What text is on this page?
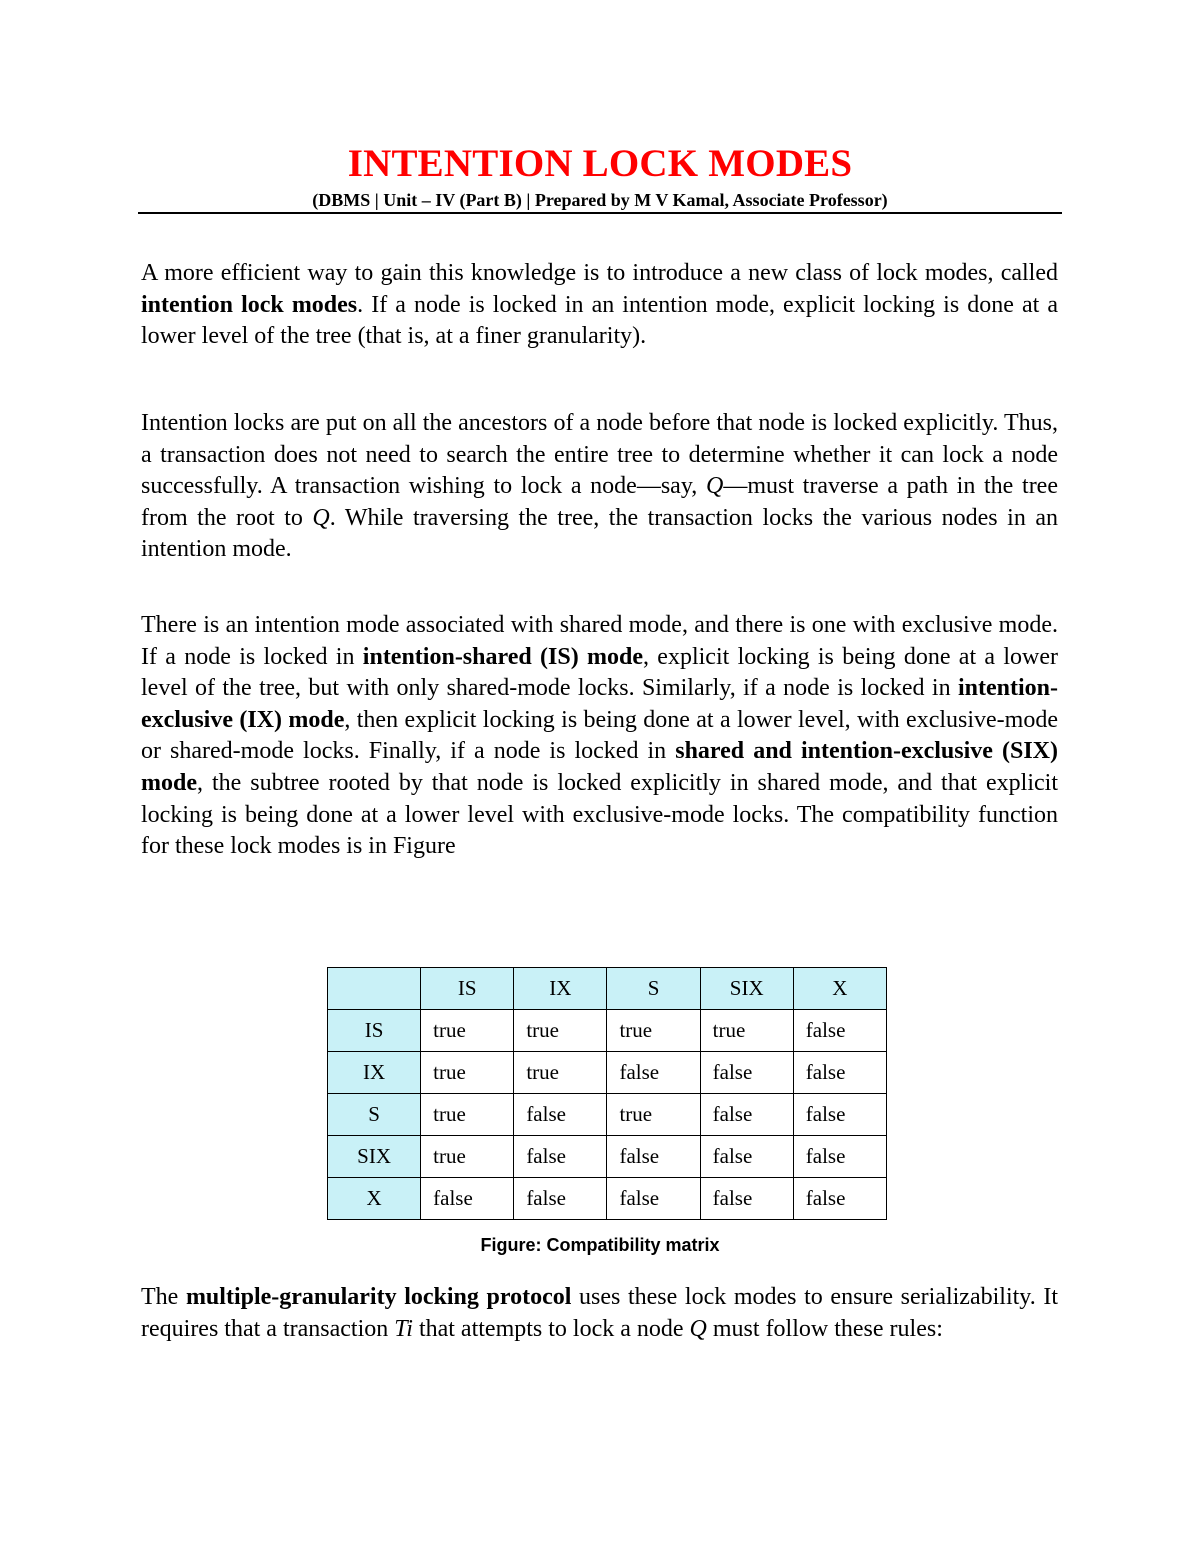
INTENTION LOCK MODES
(DBMS | Unit – IV (Part B) | Prepared by M V Kamal, Associate Professor)

A more efficient way to gain this knowledge is to introduce a new class of lock modes, called intention lock modes. If a node is locked in an intention mode, explicit locking is done at a lower level of the tree (that is, at a finer granularity).

Intention locks are put on all the ancestors of a node before that node is locked explicitly. Thus, a transaction does not need to search the entire tree to determine whether it can lock a node successfully. A transaction wishing to lock a node—say, Q—must traverse a path in the tree from the root to Q. While traversing the tree, the transaction locks the various nodes in an intention mode.

There is an intention mode associated with shared mode, and there is one with exclusive mode. If a node is locked in intention-shared (IS) mode, explicit locking is being done at a lower level of the tree, but with only shared-mode locks. Similarly, if a node is locked in intention-exclusive (IX) mode, then explicit locking is being done at a lower level, with exclusive-mode or shared-mode locks. Finally, if a node is locked in shared and intention-exclusive (SIX) mode, the subtree rooted by that node is locked explicitly in shared mode, and that explicit locking is being done at a lower level with exclusive-mode locks. The compatibility function for these lock modes is in Figure

	IS	IX	S	SIX	X
IS	true	true	true	true	false
IX	true	true	false	false	false
S	true	false	true	false	false
SIX	true	false	false	false	false
X	false	false	false	false	false
Figure: Compatibility matrix

The multiple-granularity locking protocol uses these lock modes to ensure serializability. It requires that a transaction Ti that attempts to lock a node Q must follow these rules:
